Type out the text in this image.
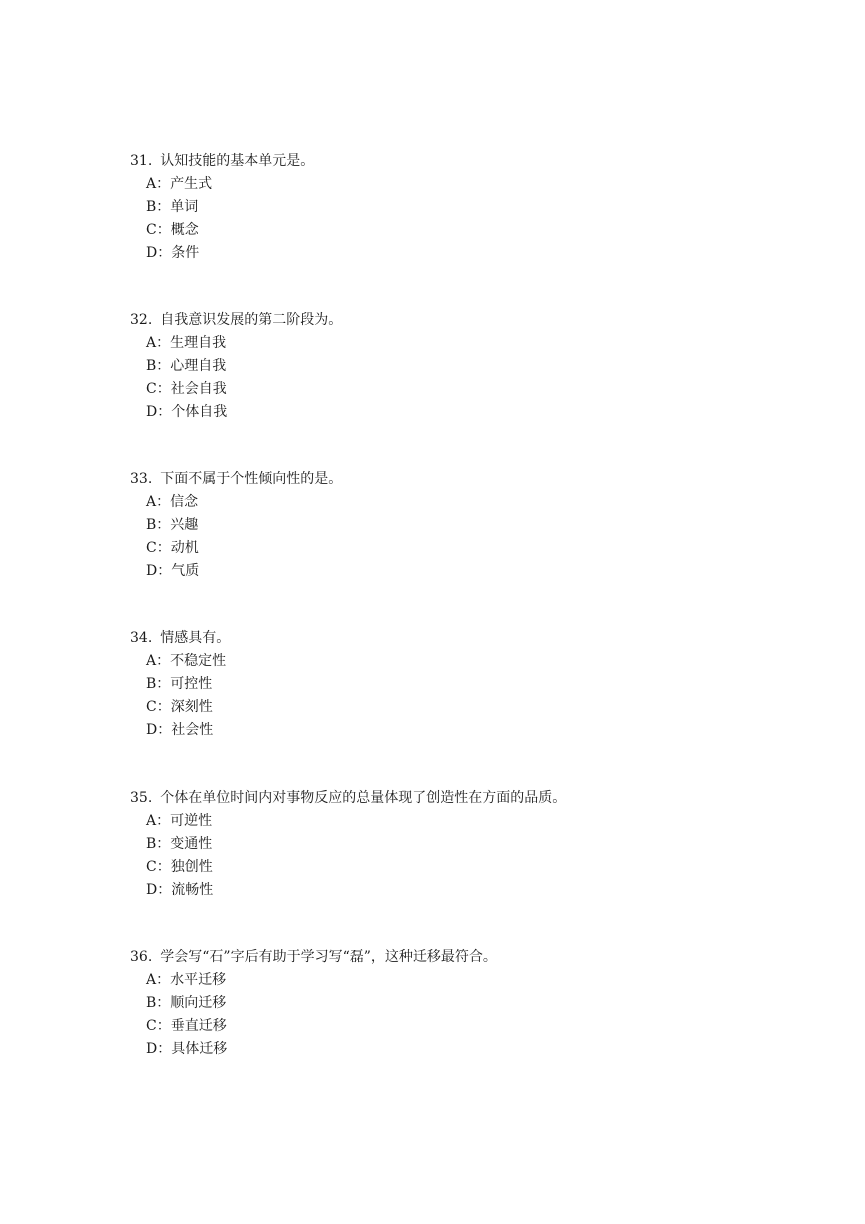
31. 认知技能的基本单元是。
A：产生式
B：单词
C：概念
D：条件
32. 自我意识发展的第二阶段为。
A：生理自我
B：心理自我
C：社会自我
D：个体自我
33. 下面不属于个性倾向性的是。
A：信念
B：兴趣
C：动机
D：气质
34. 情感具有。
A：不稳定性
B：可控性
C：深刻性
D：社会性
35. 个体在单位时间内对事物反应的总量体现了创造性在方面的品质。
A：可逆性
B：变通性
C：独创性
D：流畅性
36. 学会写“石”字后有助于学习写“磊”，这种迁移最符合。
A：水平迁移
B：顺向迁移
C：垂直迁移
D：具体迁移
